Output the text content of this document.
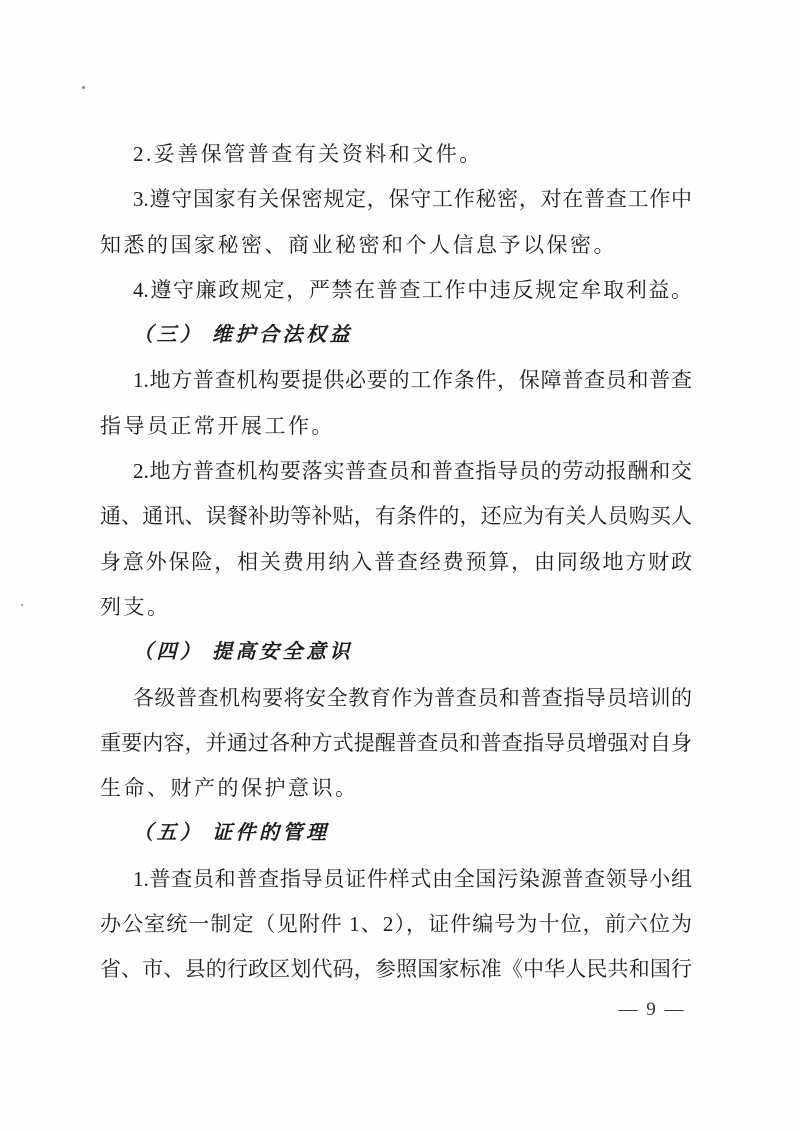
2.妥善保管普查有关资料和文件。

3.遵守国家有关保密规定，保守工作秘密，对在普查工作中

知悉的国家秘密、商业秘密和个人信息予以保密。

4.遵守廉政规定，严禁在普查工作中违反规定牟取利益。

（三） 维护合法权益

1.地方普查机构要提供必要的工作条件，保障普查员和普查

指导员正常开展工作。

2.地方普查机构要落实普查员和普查指导员的劳动报酬和交

通、通讯、误餐补助等补贴，有条件的，还应为有关人员购买人

身意外保险，相关费用纳入普查经费预算，由同级地方财政

列支。

（四） 提高安全意识

各级普查机构要将安全教育作为普查员和普查指导员培训的

重要内容，并通过各种方式提醒普查员和普查指导员增强对自身

生命、财产的保护意识。

（五） 证件的管理

1.普查员和普查指导员证件样式由全国污染源普查领导小组

办公室统一制定（见附件 1、2），证件编号为十位，前六位为

省、市、县的行政区划代码，参照国家标准《中华人民共和国行

— 9 —
